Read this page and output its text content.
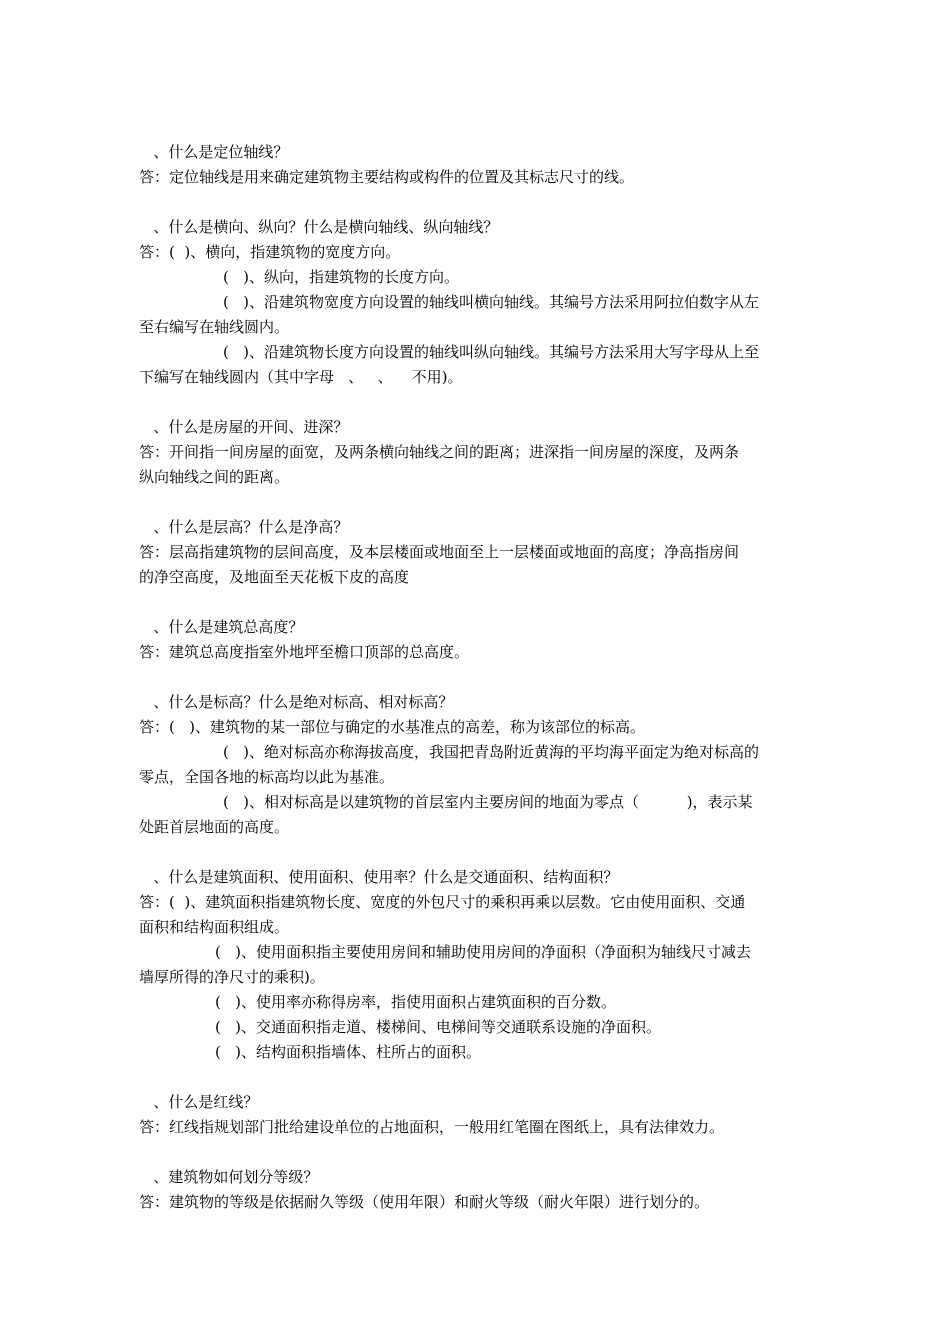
、什么是定位轴线？

答：定位轴线是用来确定建筑物主要结构或构件的位置及其标志尺寸的线。

、什么是横向、纵向？什么是横向轴线、纵向轴线？

答：(  )、横向，指建筑物的宽度方向。

(   )、纵向，指建筑物的长度方向。

(   )、沿建筑物宽度方向设置的轴线叫横向轴线。其编号方法采用阿拉伯数字从左

至右编写在轴线圆内。

(   )、沿建筑物长度方向设置的轴线叫纵向轴线。其编号方法采用大写字母从上至

下编写在轴线圆内（其中字母   、   、    不用)。

、什么是房屋的开间、进深？

答：开间指一间房屋的面宽，及两条横向轴线之间的距离；进深指一间房屋的深度，及两条

纵向轴线之间的距离。

、什么是层高？什么是净高？

答：层高指建筑物的层间高度，及本层楼面或地面至上一层楼面或地面的高度；净高指房间

的净空高度，及地面至天花板下皮的高度

、什么是建筑总高度？

答：建筑总高度指室外地坪至檐口顶部的总高度。

、什么是标高？什么是绝对标高、相对标高？

答：(   )、建筑物的某一部位与确定的水基准点的高差，称为该部位的标高。

(   )、绝对标高亦称海拔高度，我国把青岛附近黄海的平均海平面定为绝对标高的

零点，全国各地的标高均以此为基准。

(   )、相对标高是以建筑物的首层室内主要房间的地面为零点（          )，表示某

处距首层地面的高度。

、什么是建筑面积、使用面积、使用率？什么是交通面积、结构面积？

答：(  )、建筑面积指建筑物长度、宽度的外包尺寸的乘积再乘以层数。它由使用面积、交通

面积和结构面积组成。

(   )、使用面积指主要使用房间和辅助使用房间的净面积（净面积为轴线尺寸减去

墙厚所得的净尺寸的乘积)。

(   )、使用率亦称得房率，指使用面积占建筑面积的百分数。

(   )、交通面积指走道、楼梯间、电梯间等交通联系设施的净面积。

(   )、结构面积指墙体、柱所占的面积。

、什么是红线？

答：红线指规划部门批给建设单位的占地面积，一般用红笔圈在图纸上，具有法律效力。

、建筑物如何划分等级？

答：建筑物的等级是依据耐久等级（使用年限）和耐火等级（耐火年限）进行划分的。
